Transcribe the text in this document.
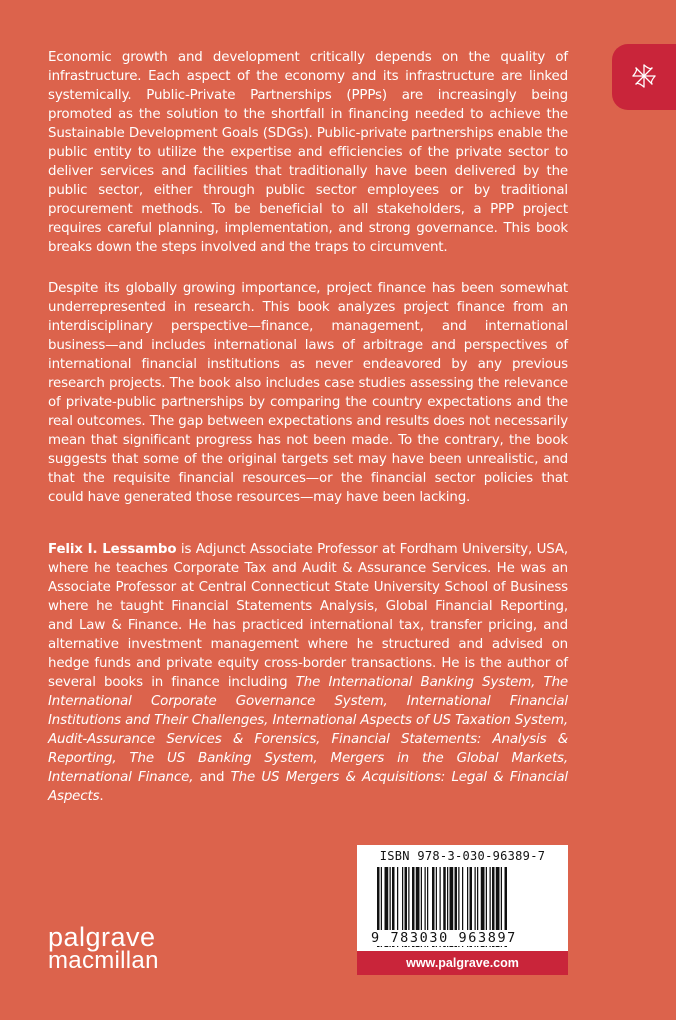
Economic growth and development critically depends on the quality of infrastructure. Each aspect of the economy and its infrastructure are linked systemically. Public-Private Partnerships (PPPs) are increasingly being promoted as the solution to the shortfall in financing needed to achieve the Sustainable Development Goals (SDGs). Public-private partnerships enable the public entity to utilize the expertise and efficiencies of the private sector to deliver services and facilities that traditionally have been delivered by the public sector, either through public sector employees or by traditional procurement methods. To be beneficial to all stakeholders, a PPP project requires careful planning, implementation, and strong governance. This book breaks down the steps involved and the traps to circumvent.

Despite its globally growing importance, project finance has been somewhat underrepresented in research. This book analyzes project finance from an interdisciplinary perspective—finance, management, and international business—and includes international laws of arbitrage and perspectives of international financial institutions as never endeavored by any previous research projects. The book also includes case studies assessing the relevance of private-public partnerships by comparing the country expectations and the real outcomes. The gap between expectations and results does not necessarily mean that significant progress has not been made. To the contrary, the book suggests that some of the original targets set may have been unrealistic, and that the requisite financial resources—or the financial sector policies that could have generated those resources—may have been lacking.

Felix I. Lessambo is Adjunct Associate Professor at Fordham University, USA, where he teaches Corporate Tax and Audit & Assurance Services. He was an Associate Professor at Central Connecticut State University School of Business where he taught Financial Statements Analysis, Global Financial Reporting, and Law & Finance. He has practiced international tax, transfer pricing, and alternative investment management where he structured and advised on hedge funds and private equity cross-border transactions. He is the author of several books in finance including The International Banking System, The International Corporate Governance System, International Financial Institutions and Their Challenges, International Aspects of US Taxation System, Audit-Assurance Services & Forensics, Financial Statements: Analysis & Reporting, The US Banking System, Mergers in the Global Markets, International Finance, and The US Mergers & Acquisitions: Legal & Financial Aspects.

ISBN 978-3-030-96389-7
9 783030 963897
www.palgrave.com
palgrave
macmillan
